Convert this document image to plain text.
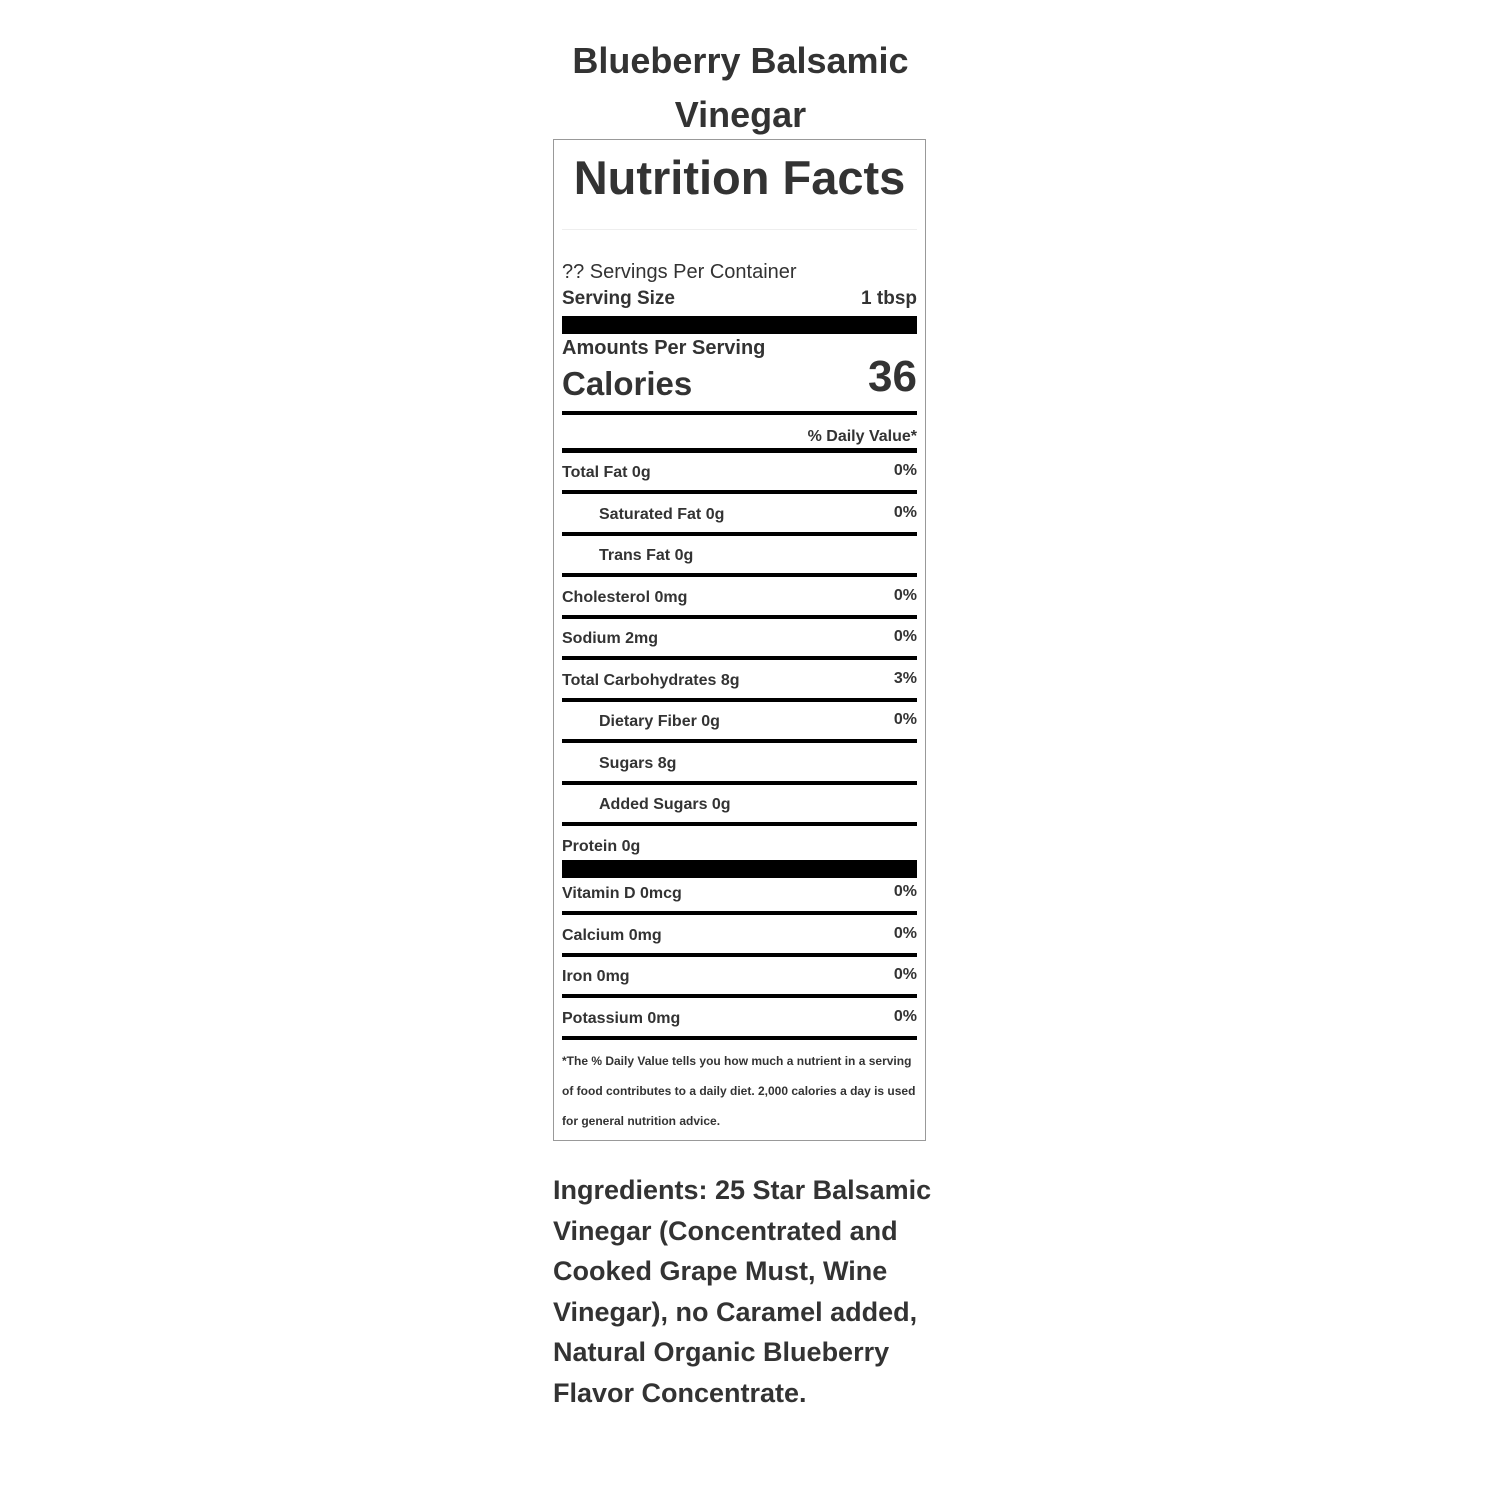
Blueberry Balsamic Vinegar
Nutrition Facts
?? Servings Per Container
Serving Size	1 tbsp
Amounts Per Serving
Calories	36
% Daily Value*
Total Fat 0g	0%
Saturated Fat 0g	0%
Trans Fat 0g
Cholesterol 0mg	0%
Sodium 2mg	0%
Total Carbohydrates 8g	3%
Dietary Fiber 0g	0%
Sugars 8g
Added Sugars 0g
Protein 0g
Vitamin D 0mcg	0%
Calcium 0mg	0%
Iron 0mg	0%
Potassium 0mg	0%

*The % Daily Value tells you how much a nutrient in a serving of food contributes to a daily diet. 2,000 calories a day is used for general nutrition advice.

Ingredients: 25 Star Balsamic Vinegar (Concentrated and Cooked Grape Must, Wine Vinegar), no Caramel added, Natural Organic Blueberry Flavor Concentrate.
